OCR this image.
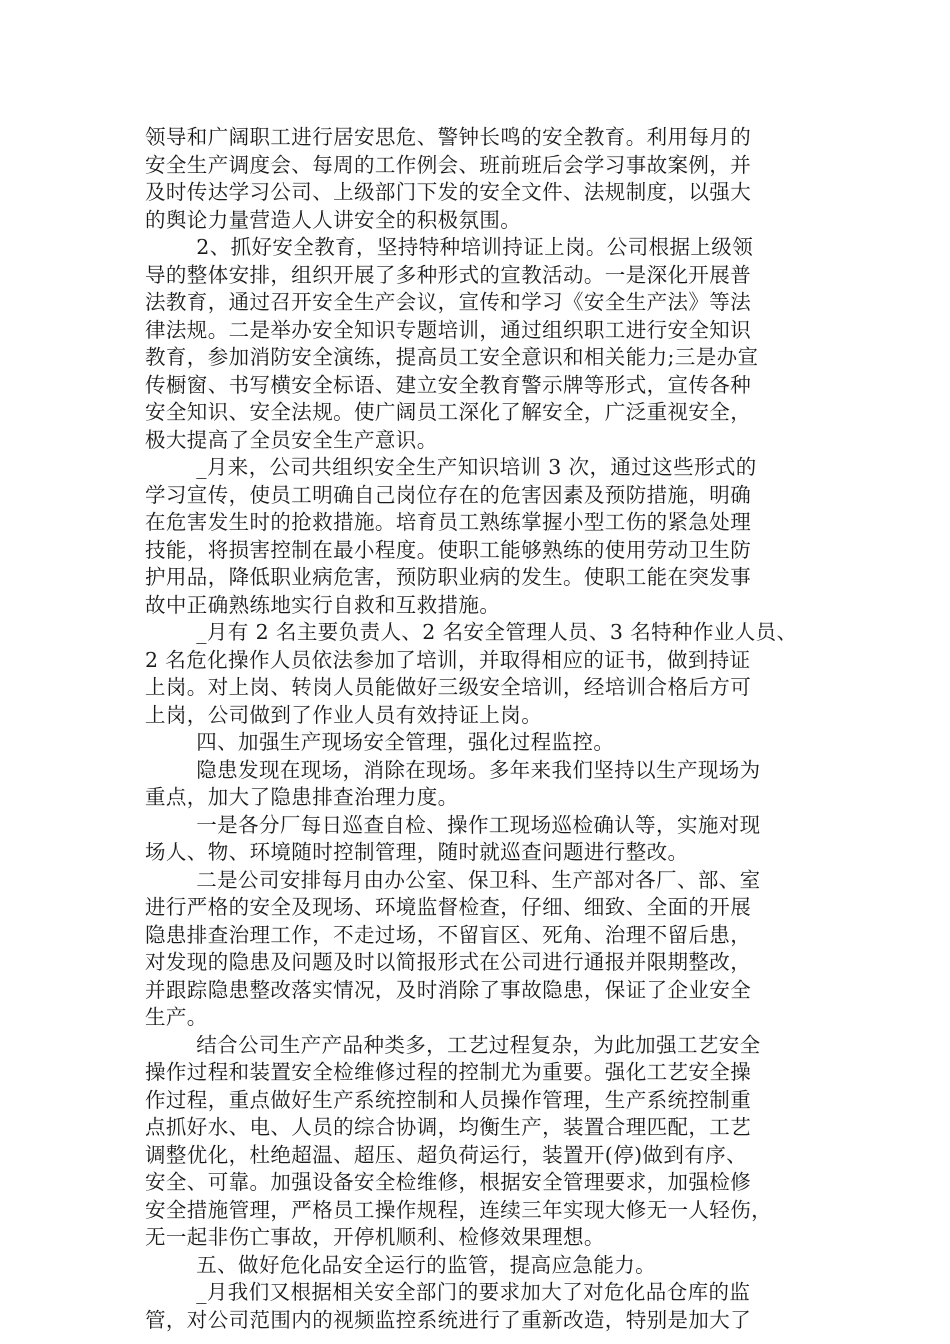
领导和广阔职工进行居安思危、警钟长鸣的安全教育。利用每月的
安全生产调度会、每周的工作例会、班前班后会学习事故案例，并
及时传达学习公司、上级部门下发的安全文件、法规制度，以强大
的舆论力量营造人人讲安全的积极氛围。
2、抓好安全教育，坚持特种培训持证上岗。公司根据上级领
导的整体安排，组织开展了多种形式的宣教活动。一是深化开展普
法教育，通过召开安全生产会议，宣传和学习《安全生产法》等法
律法规。二是举办安全知识专题培训，通过组织职工进行安全知识
教育，参加消防安全演练，提高员工安全意识和相关能力;三是办宣
传橱窗、书写横安全标语、建立安全教育警示牌等形式，宣传各种
安全知识、安全法规。使广阔员工深化了解安全，广泛重视安全，
极大提高了全员安全生产意识。
_月来，公司共组织安全生产知识培训 3 次，通过这些形式的
学习宣传，使员工明确自己岗位存在的危害因素及预防措施，明确
在危害发生时的抢救措施。培育员工熟练掌握小型工伤的紧急处理
技能，将损害控制在最小程度。使职工能够熟练的使用劳动卫生防
护用品，降低职业病危害，预防职业病的发生。使职工能在突发事
故中正确熟练地实行自救和互救措施。
_月有 2 名主要负责人、2 名安全管理人员、3 名特种作业人员、
2 名危化操作人员依法参加了培训，并取得相应的证书，做到持证
上岗。对上岗、转岗人员能做好三级安全培训，经培训合格后方可
上岗，公司做到了作业人员有效持证上岗。
四、加强生产现场安全管理，强化过程监控。
隐患发现在现场，消除在现场。多年来我们坚持以生产现场为
重点，加大了隐患排查治理力度。
一是各分厂每日巡查自检、操作工现场巡检确认等，实施对现
场人、物、环境随时控制管理，随时就巡查问题进行整改。
二是公司安排每月由办公室、保卫科、生产部对各厂、部、室
进行严格的安全及现场、环境监督检查，仔细、细致、全面的开展
隐患排查治理工作，不走过场，不留盲区、死角、治理不留后患，
对发现的隐患及问题及时以简报形式在公司进行通报并限期整改，
并跟踪隐患整改落实情况，及时消除了事故隐患，保证了企业安全
生产。
结合公司生产产品种类多，工艺过程复杂，为此加强工艺安全
操作过程和装置安全检维修过程的控制尤为重要。强化工艺安全操
作过程，重点做好生产系统控制和人员操作管理，生产系统控制重
点抓好水、电、人员的综合协调，均衡生产，装置合理匹配，工艺
调整优化，杜绝超温、超压、超负荷运行，装置开(停)做到有序、
安全、可靠。加强设备安全检维修，根据安全管理要求，加强检修
安全措施管理，严格员工操作规程，连续三年实现大修无一人轻伤，
无一起非伤亡事故，开停机顺利、检修效果理想。
五、做好危化品安全运行的监管，提高应急能力。
_月我们又根据相关安全部门的要求加大了对危化品仓库的监
管，对公司范围内的视频监控系统进行了重新改造，特别是加大了
